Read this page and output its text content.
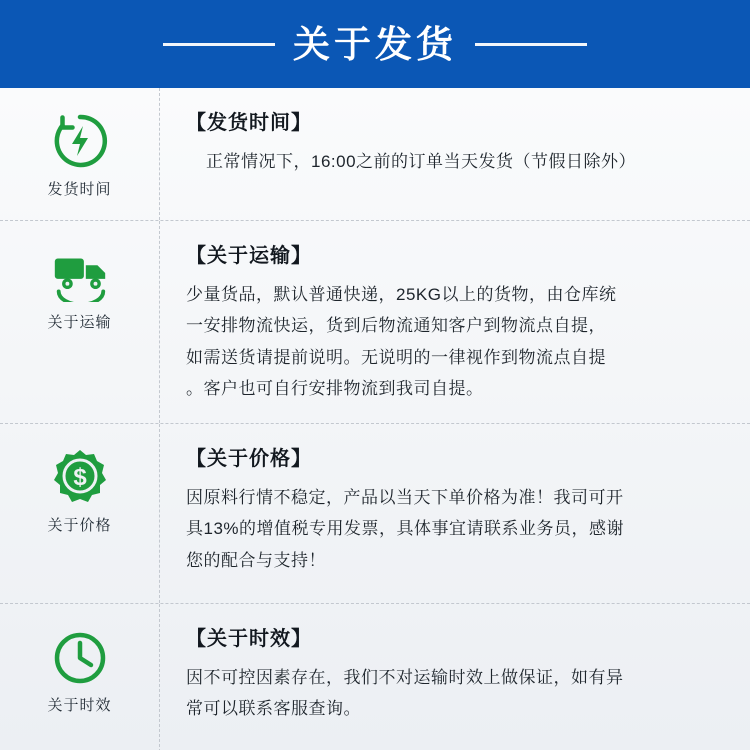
关于发货
发货时间

【发货时间】

正常情况下，16:00之前的订单当天发货（节假日除外）

关于运输

【关于运输】

少量货品，默认普通快递，25KG以上的货物，由仓库统

一安排物流快运，货到后物流通知客户到物流点自提，

如需送货请提前说明。无说明的一律视作到物流点自提

。客户也可自行安排物流到我司自提。

$
关于价格

【关于价格】

因原料行情不稳定，产品以当天下单价格为准！我司可开

具13%的增值税专用发票，具体事宜请联系业务员，感谢

您的配合与支持！

关于时效

【关于时效】

因不可控因素存在，我们不对运输时效上做保证，如有异

常可以联系客服查询。
